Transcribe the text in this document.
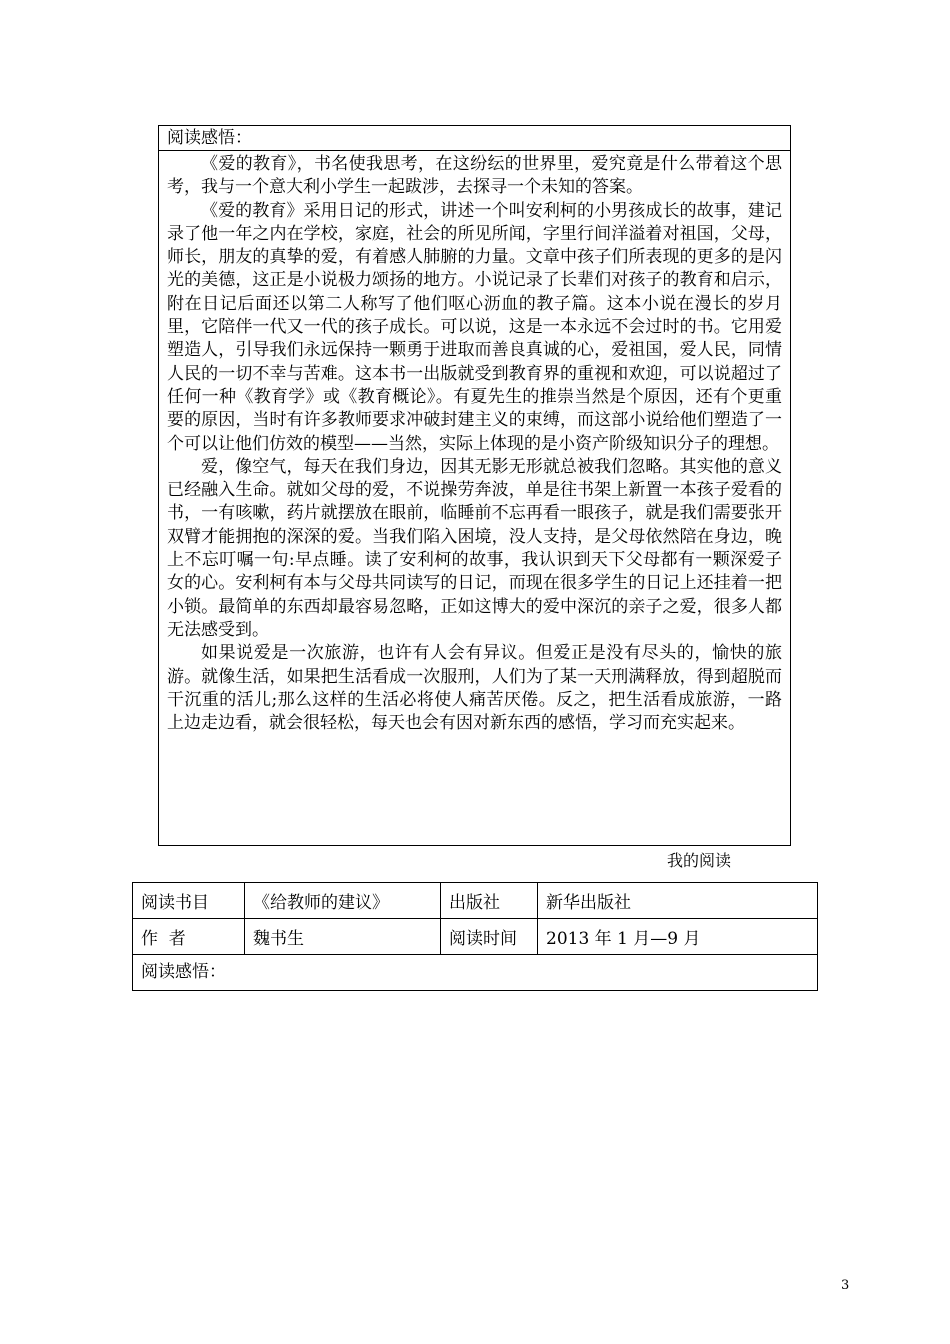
阅读感悟：

《爱的教育》，书名使我思考，在这纷纭的世界里，爱究竟是什么带着这个思考，我与一个意大利小学生一起跋涉，去探寻一个未知的答案。

《爱的教育》采用日记的形式，讲述一个叫安利柯的小男孩成长的故事，建记录了他一年之内在学校，家庭，社会的所见所闻，字里行间洋溢着对祖国，父母，师长，朋友的真挚的爱，有着感人肺腑的力量。文章中孩子们所表现的更多的是闪光的美德，这正是小说极力颂扬的地方。小说记录了长辈们对孩子的教育和启示，附在日记后面还以第二人称写了他们呕心沥血的教子篇。这本小说在漫长的岁月里，它陪伴一代又一代的孩子成长。可以说，这是一本永远不会过时的书。它用爱塑造人，引导我们永远保持一颗勇于进取而善良真诚的心，爱祖国，爱人民，同情人民的一切不幸与苦难。这本书一出版就受到教育界的重视和欢迎，可以说超过了任何一种《教育学》或《教育概论》。有夏先生的推崇当然是个原因，还有个更重要的原因，当时有许多教师要求冲破封建主义的束缚，而这部小说给他们塑造了一个可以让他们仿效的模型——当然，实际上体现的是小资产阶级知识分子的理想。

爱，像空气，每天在我们身边，因其无影无形就总被我们忽略。其实他的意义已经融入生命。就如父母的爱，不说操劳奔波，单是往书架上新置一本孩子爱看的书，一有咳嗽，药片就摆放在眼前，临睡前不忘再看一眼孩子，就是我们需要张开双臂才能拥抱的深深的爱。当我们陷入困境，没人支持，是父母依然陪在身边，晚上不忘叮嘱一句:早点睡。读了安利柯的故事，我认识到天下父母都有一颗深爱子女的心。安利柯有本与父母共同读写的日记，而现在很多学生的日记上还挂着一把小锁。最简单的东西却最容易忽略，正如这博大的爱中深沉的亲子之爱，很多人都无法感受到。

如果说爱是一次旅游，也许有人会有异议。但爱正是没有尽头的，愉快的旅游。就像生活，如果把生活看成一次服刑，人们为了某一天刑满释放，得到超脱而干沉重的活儿;那么这样的生活必将使人痛苦厌倦。反之，把生活看成旅游，一路上边走边看，就会很轻松，每天也会有因对新东西的感悟，学习而充实起来。

我的阅读
阅读书目	《给教师的建议》	出版社	新华出版社
作  者	魏书生	阅读时间	2013 年 1 月—9 月
阅读感悟：			
3
